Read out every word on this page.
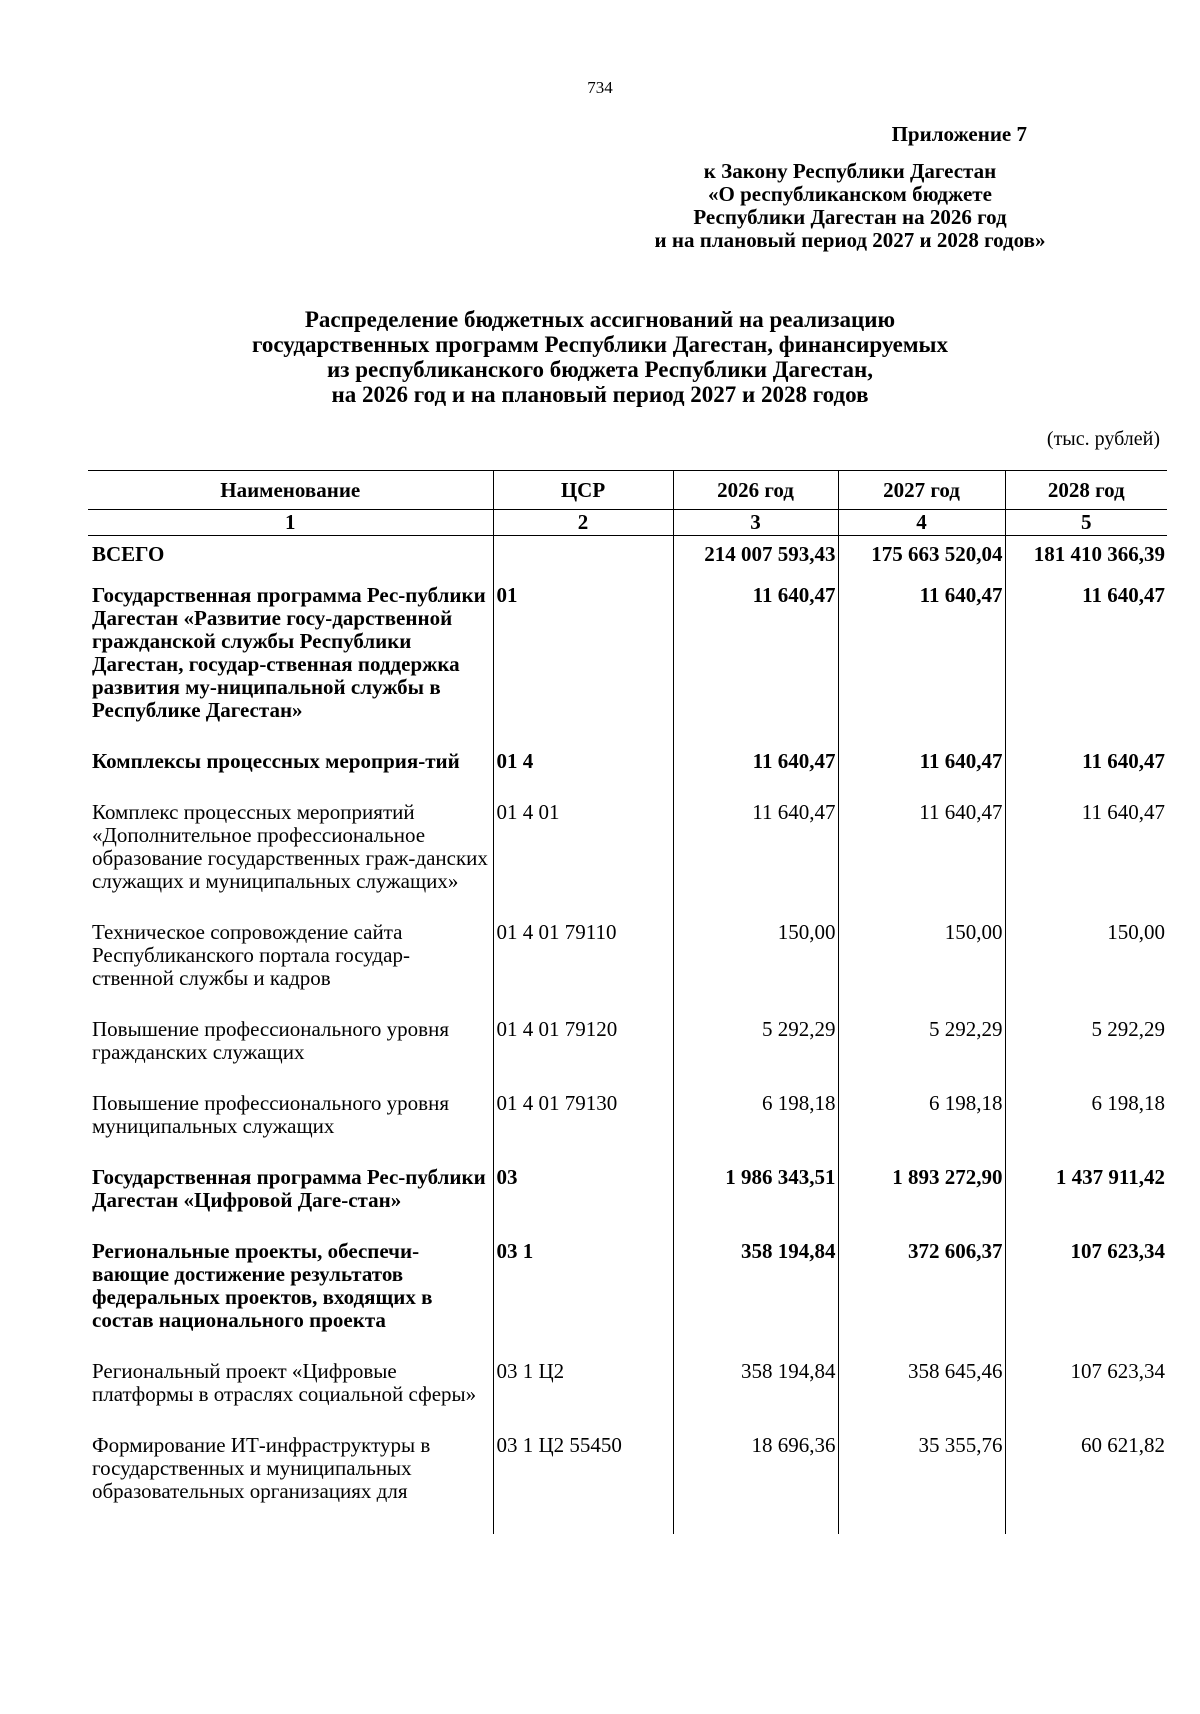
734
Приложение 7
к Закону Республики Дагестан
«О республиканском бюджете
Республики Дагестан на 2026 год
и на плановый период 2027 и 2028 годов»
Распределение бюджетных ассигнований на реализацию
государственных программ Республики Дагестан, финансируемых
из республиканского бюджета Республики Дагестан,
на 2026 год и на плановый период 2027 и 2028 годов
(тыс. рублей)
Наименование	ЦСР	2026 год	2027 год	2028 год
1	2	3	4	5
ВСЕГО		214 007 593,43	175 663 520,04	181 410 366,39
Государственная программа Рес-публики Дагестан «Развитие госу-дарственной гражданской службы Республики Дагестан, государ-ственная поддержка развития му-ниципальной службы в Республике Дагестан»	01	11 640,47	11 640,47	11 640,47
Комплексы процессных мероприя-тий	01 4	11 640,47	11 640,47	11 640,47
Комплекс процессных мероприятий «Дополнительное профессиональное образование государственных граж-данских служащих и муниципальных служащих»	01 4 01	11 640,47	11 640,47	11 640,47
Техническое сопровождение сайта Республиканского портала государ-ственной службы и кадров	01 4 01 79110	150,00	150,00	150,00
Повышение профессионального уровня гражданских служащих	01 4 01 79120	5 292,29	5 292,29	5 292,29
Повышение профессионального уровня муниципальных служащих	01 4 01 79130	6 198,18	6 198,18	6 198,18
Государственная программа Рес-публики Дагестан «Цифровой Даге-стан»	03	1 986 343,51	1 893 272,90	1 437 911,42
Региональные проекты, обеспечи-вающие достижение результатов федеральных проектов, входящих в состав национального проекта	03 1	358 194,84	372 606,37	107 623,34
Региональный проект «Цифровые платформы в отраслях социальной сферы»	03 1 Ц2	358 194,84	358 645,46	107 623,34
Формирование ИТ-инфраструктуры в государственных и муниципальных образовательных организациях для	03 1 Ц2 55450	18 696,36	35 355,76	60 621,82
